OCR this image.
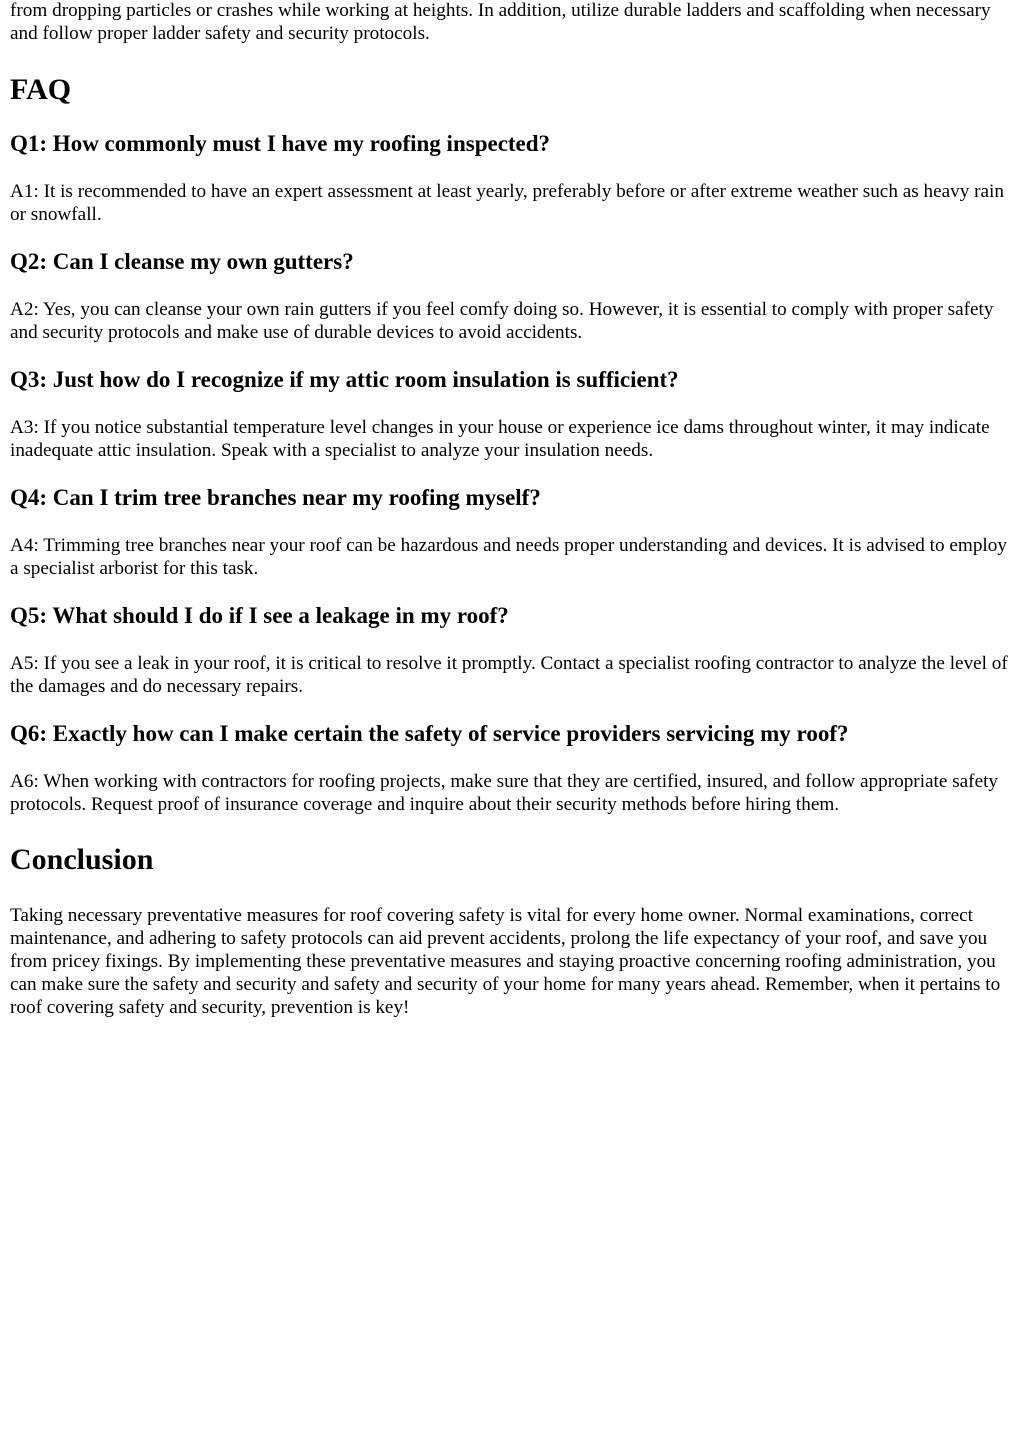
from dropping particles or crashes while working at heights. In addition, utilize durable ladders and scaffolding when necessary and follow proper ladder safety and security protocols.

FAQ
Q1: How commonly must I have my roofing inspected?

A1: It is recommended to have an expert assessment at least yearly, preferably before or after extreme weather such as heavy rain or snowfall.

Q2: Can I cleanse my own gutters?

A2: Yes, you can cleanse your own rain gutters if you feel comfy doing so. However, it is essential to comply with proper safety and security protocols and make use of durable devices to avoid accidents.

Q3: Just how do I recognize if my attic room insulation is sufficient?

A3: If you notice substantial temperature level changes in your house or experience ice dams throughout winter, it may indicate inadequate attic insulation. Speak with a specialist to analyze your insulation needs.

Q4: Can I trim tree branches near my roofing myself?

A4: Trimming tree branches near your roof can be hazardous and needs proper understanding and devices. It is advised to employ a specialist arborist for this task.

Q5: What should I do if I see a leakage in my roof?

A5: If you see a leak in your roof, it is critical to resolve it promptly. Contact a specialist roofing contractor to analyze the level of the damages and do necessary repairs.

Q6: Exactly how can I make certain the safety of service providers servicing my roof?

A6: When working with contractors for roofing projects, make sure that they are certified, insured, and follow appropriate safety protocols. Request proof of insurance coverage and inquire about their security methods before hiring them.

Conclusion

Taking necessary preventative measures for roof covering safety is vital for every home owner. Normal examinations, correct maintenance, and adhering to safety protocols can aid prevent accidents, prolong the life expectancy of your roof, and save you from pricey fixings. By implementing these preventative measures and staying proactive concerning roofing administration, you can make sure the safety and security and safety and security of your home for many years ahead. Remember, when it pertains to roof covering safety and security, prevention is key!
